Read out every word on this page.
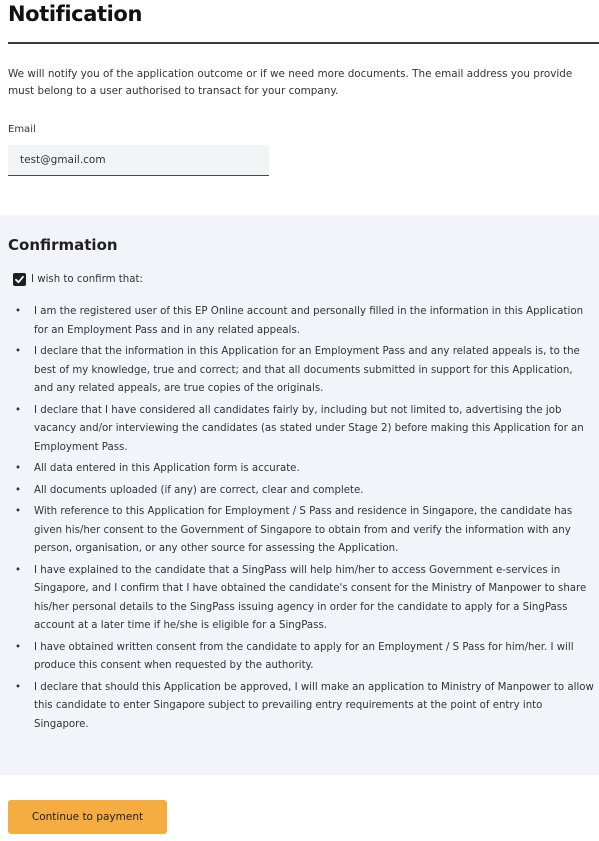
Notification

We will notify you of the application outcome or if we need more documents. The email address you provide must belong to a user authorised to transact for your company.

Email
test@gmail.com
Confirmation
I wish to confirm that:
• I am the registered user of this EP Online account and personally filled in the information in this Application for an Employment Pass and in any related appeals.
• I declare that the information in this Application for an Employment Pass and any related appeals is, to the best of my knowledge, true and correct; and that all documents submitted in support for this Application, and any related appeals, are true copies of the originals.
• I declare that I have considered all candidates fairly by, including but not limited to, advertising the job vacancy and/or interviewing the candidates (as stated under Stage 2) before making this Application for an Employment Pass.
• All data entered in this Application form is accurate.
• All documents uploaded (if any) are correct, clear and complete.
• With reference to this Application for Employment / S Pass and residence in Singapore, the candidate has given his/her consent to the Government of Singapore to obtain from and verify the information with any person, organisation, or any other source for assessing the Application.
• I have explained to the candidate that a SingPass will help him/her to access Government e-services in Singapore, and I confirm that I have obtained the candidate's consent for the Ministry of Manpower to share his/her personal details to the SingPass issuing agency in order for the candidate to apply for a SingPass account at a later time if he/she is eligible for a SingPass.
• I have obtained written consent from the candidate to apply for an Employment / S Pass for him/her. I will produce this consent when requested by the authority.
• I declare that should this Application be approved, I will make an application to Ministry of Manpower to allow this candidate to enter Singapore subject to prevailing entry requirements at the point of entry into Singapore.
Continue to payment
